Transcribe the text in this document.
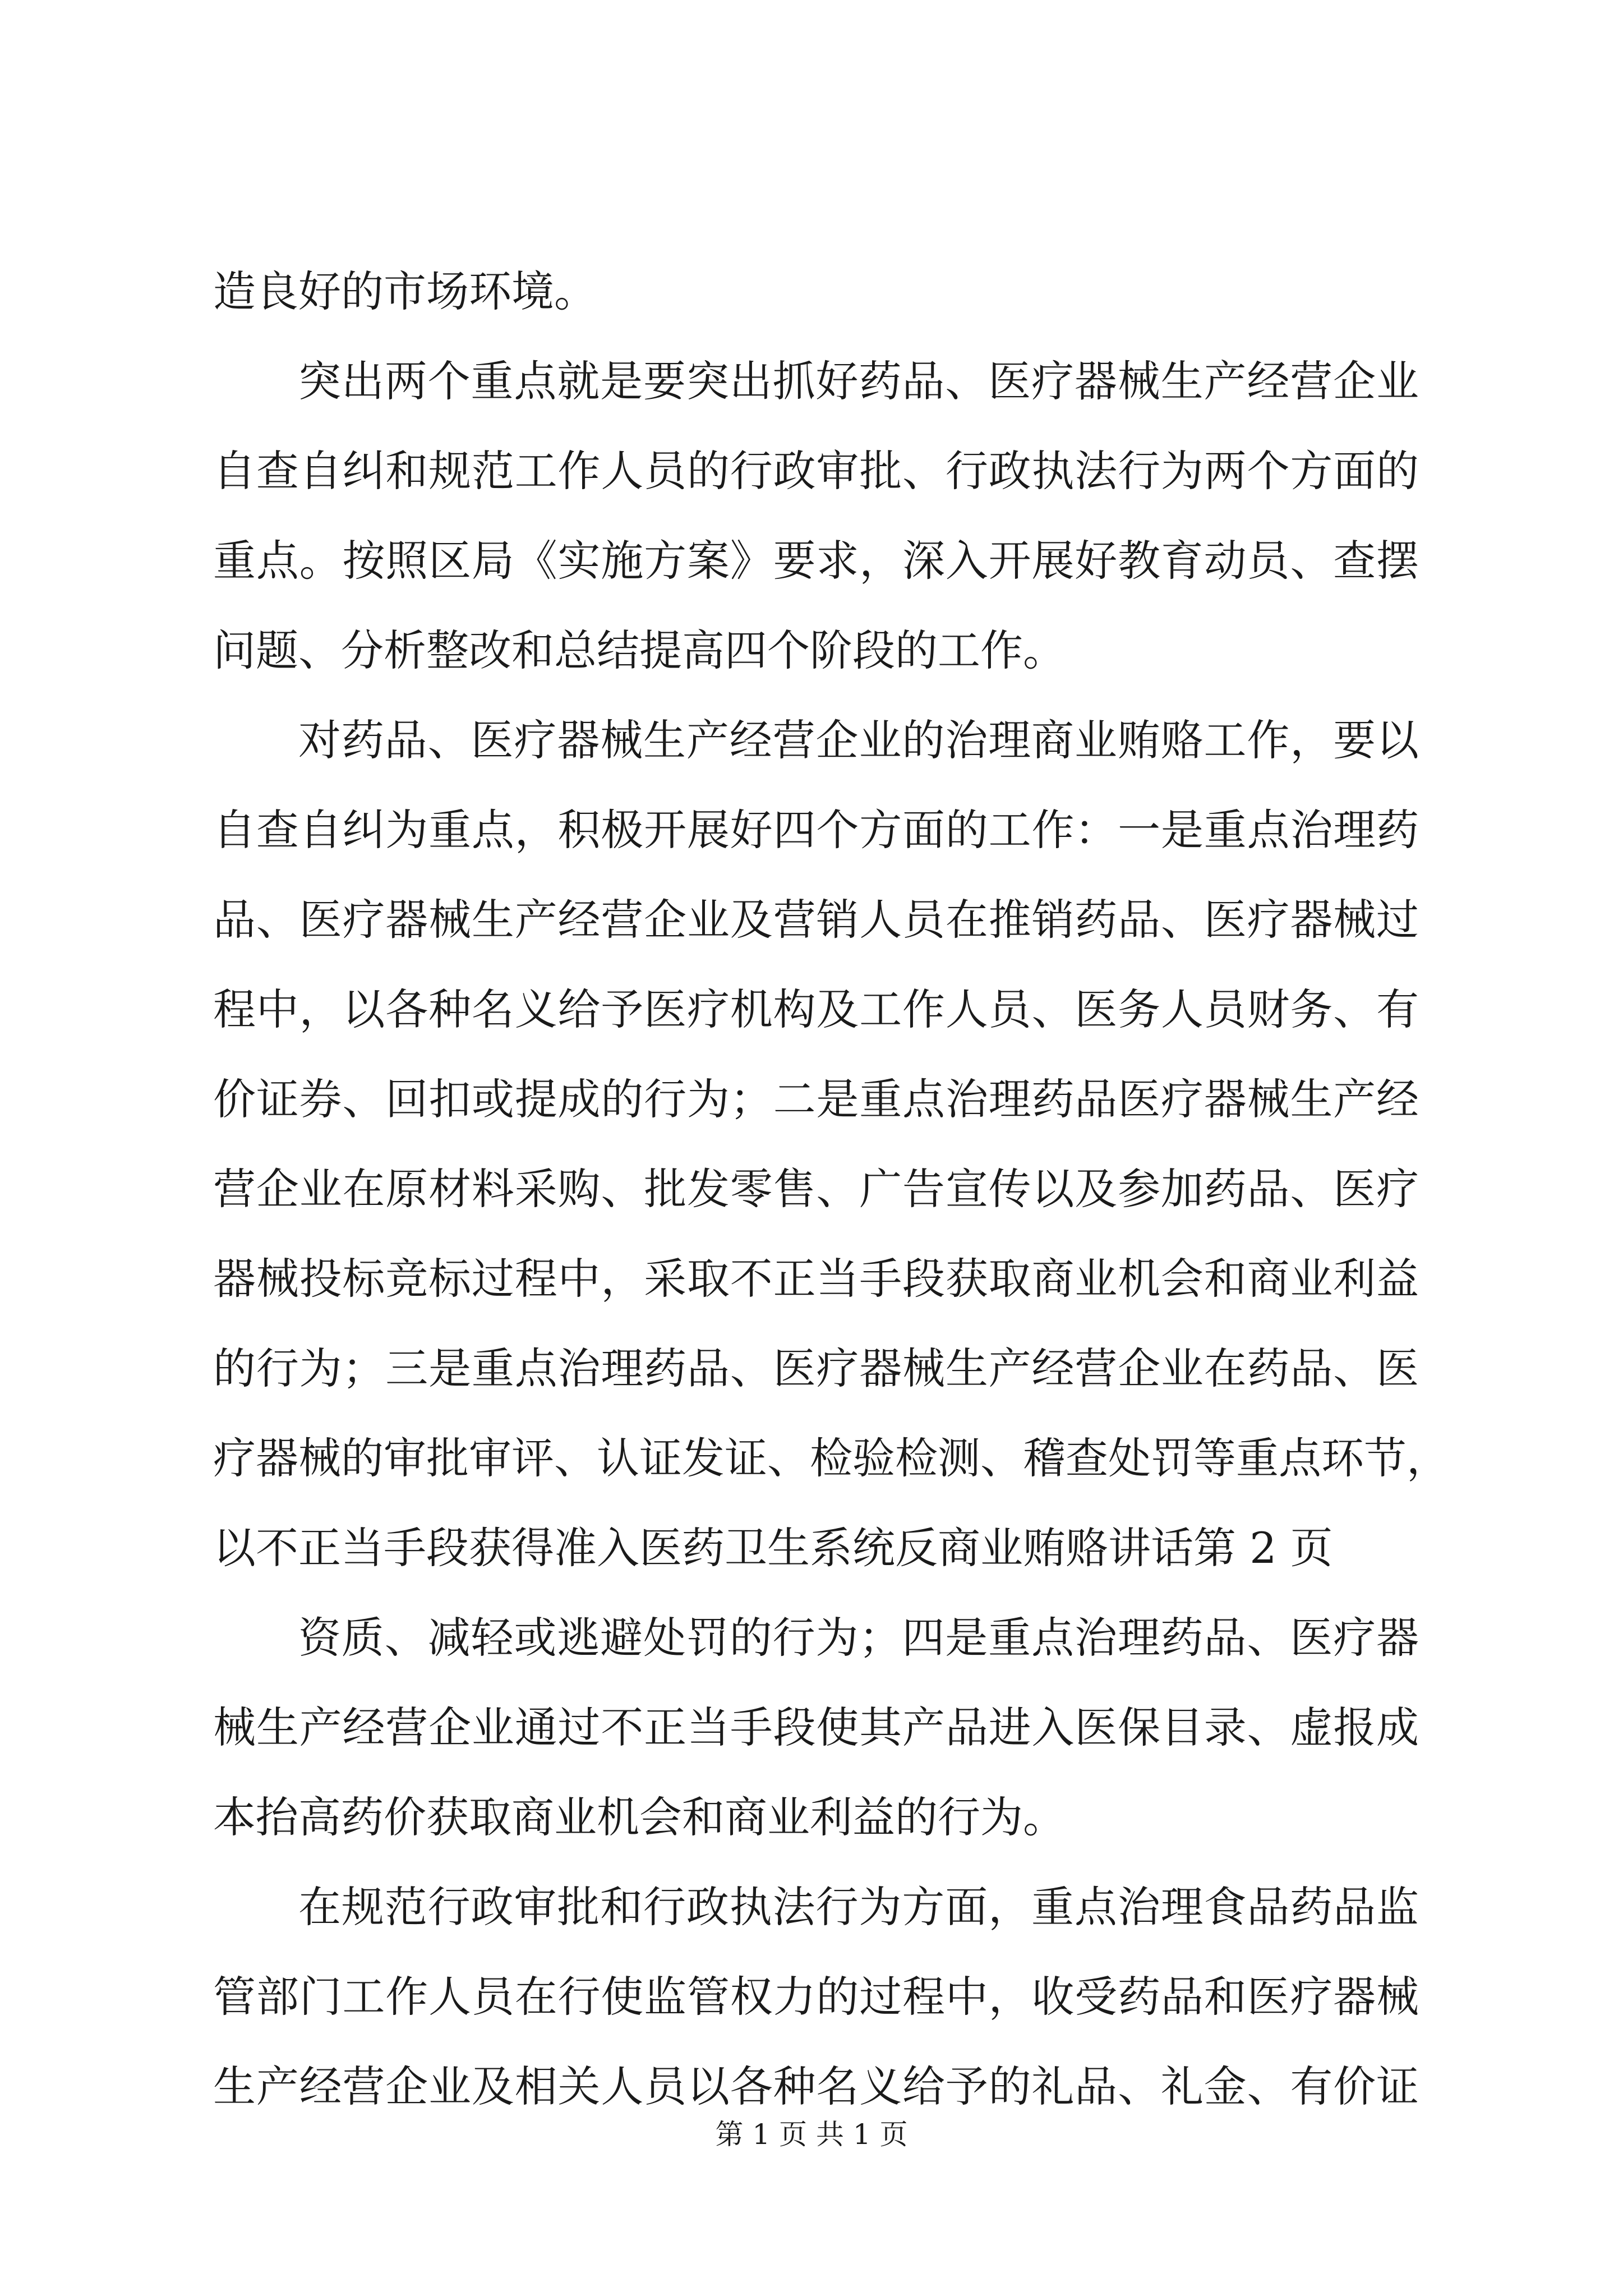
造良好的市场环境。
突出两个重点就是要突出抓好药品、医疗器械生产经营企业
自查自纠和规范工作人员的行政审批、行政执法行为两个方面的
重点。按照区局《实施方案》要求，深入开展好教育动员、查摆
问题、分析整改和总结提高四个阶段的工作。
对药品、医疗器械生产经营企业的治理商业贿赂工作，要以
自查自纠为重点，积极开展好四个方面的工作：一是重点治理药
品、医疗器械生产经营企业及营销人员在推销药品、医疗器械过
程中，以各种名义给予医疗机构及工作人员、医务人员财务、有
价证券、回扣或提成的行为；二是重点治理药品医疗器械生产经
营企业在原材料采购、批发零售、广告宣传以及参加药品、医疗
器械投标竞标过程中，采取不正当手段获取商业机会和商业利益
的行为；三是重点治理药品、医疗器械生产经营企业在药品、医
疗器械的审批审评、认证发证、检验检测、稽查处罚等重点环节，
以不正当手段获得准入医药卫生系统反商业贿赂讲话第 2 页
资质、减轻或逃避处罚的行为；四是重点治理药品、医疗器
械生产经营企业通过不正当手段使其产品进入医保目录、虚报成
本抬高药价获取商业机会和商业利益的行为。
在规范行政审批和行政执法行为方面，重点治理食品药品监
管部门工作人员在行使监管权力的过程中，收受药品和医疗器械
生产经营企业及相关人员以各种名义给予的礼品、礼金、有价证
第 1 页 共 1 页
